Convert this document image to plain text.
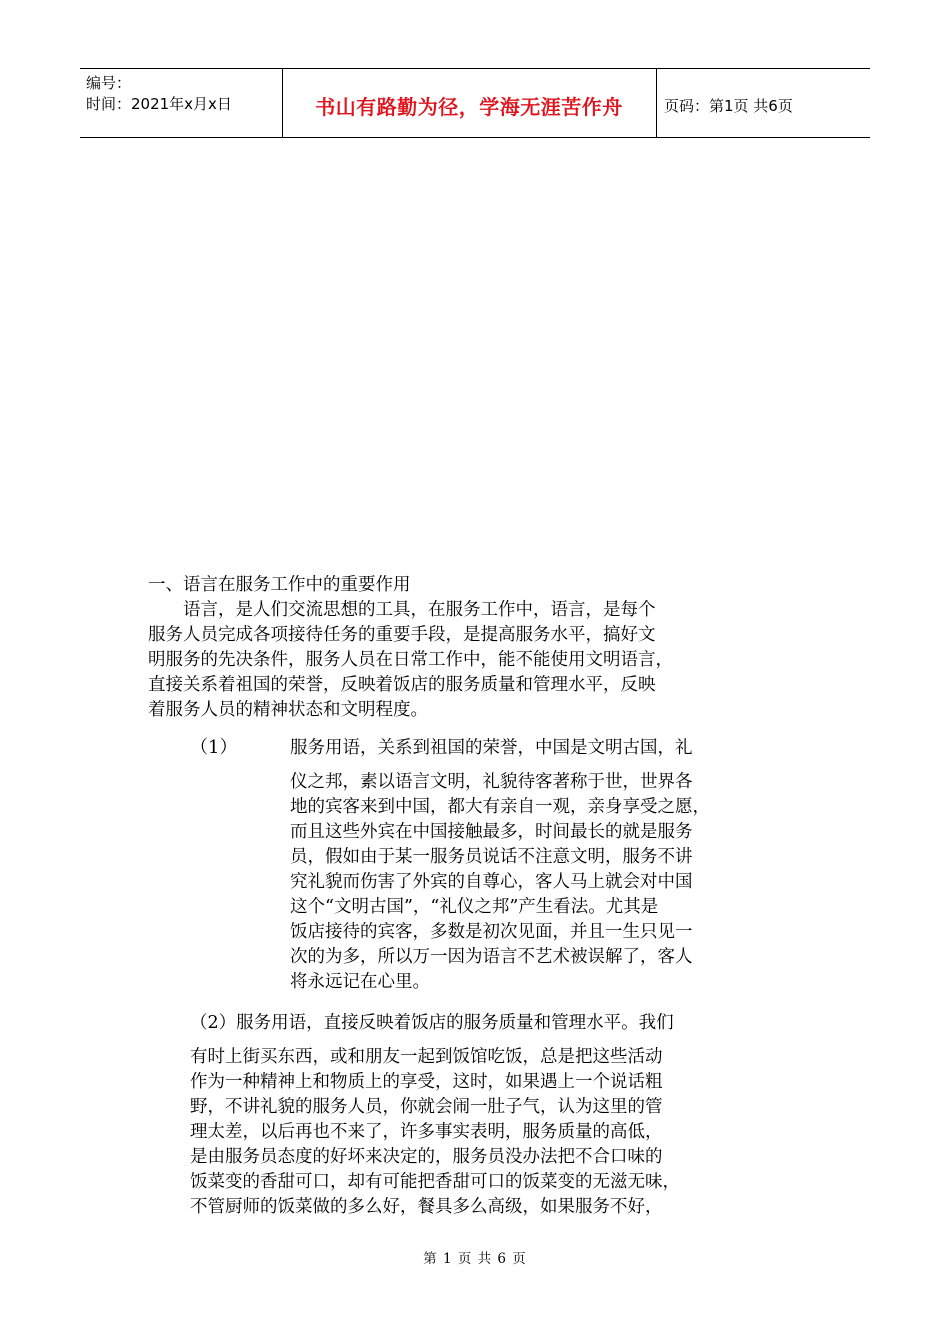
编号：
时间：2021年x月x日	书山有路勤为径，学海无涯苦作舟	页码：第1页 共6页
一、语言在服务工作中的重要作用
　　语言，是人们交流思想的工具，在服务工作中，语言，是每个
服务人员完成各项接待任务的重要手段，是提高服务水平，搞好文
明服务的先决条件，服务人员在日常工作中，能不能使用文明语言，
直接关系着祖国的荣誉，反映着饭店的服务质量和管理水平，反映
着服务人员的精神状态和文明程度。
（1）	服务用语，关系到祖国的荣誉，中国是文明古国，礼
仪之邦，素以语言文明，礼貌待客著称于世，世界各
地的宾客来到中国，都大有亲自一观，亲身享受之愿，
而且这些外宾在中国接触最多，时间最长的就是服务
员，假如由于某一服务员说话不注意文明，服务不讲
究礼貌而伤害了外宾的自尊心，客人马上就会对中国
这个“文明古国”，“礼仪之邦”产生看法。尤其是
饭店接待的宾客，多数是初次见面，并且一生只见一
次的为多，所以万一因为语言不艺术被误解了，客人
将永远记在心里。
（2）服务用语，直接反映着饭店的服务质量和管理水平。我们
有时上街买东西，或和朋友一起到饭馆吃饭，总是把这些活动
作为一种精神上和物质上的享受，这时，如果遇上一个说话粗
野，不讲礼貌的服务人员，你就会闹一肚子气，认为这里的管
理太差，以后再也不来了，许多事实表明，服务质量的高低，
是由服务员态度的好坏来决定的，服务员没办法把不合口味的
饭菜变的香甜可口，却有可能把香甜可口的饭菜变的无滋无味，
不管厨师的饭菜做的多么好，餐具多么高级，如果服务不好，
第 1 页 共 6 页
